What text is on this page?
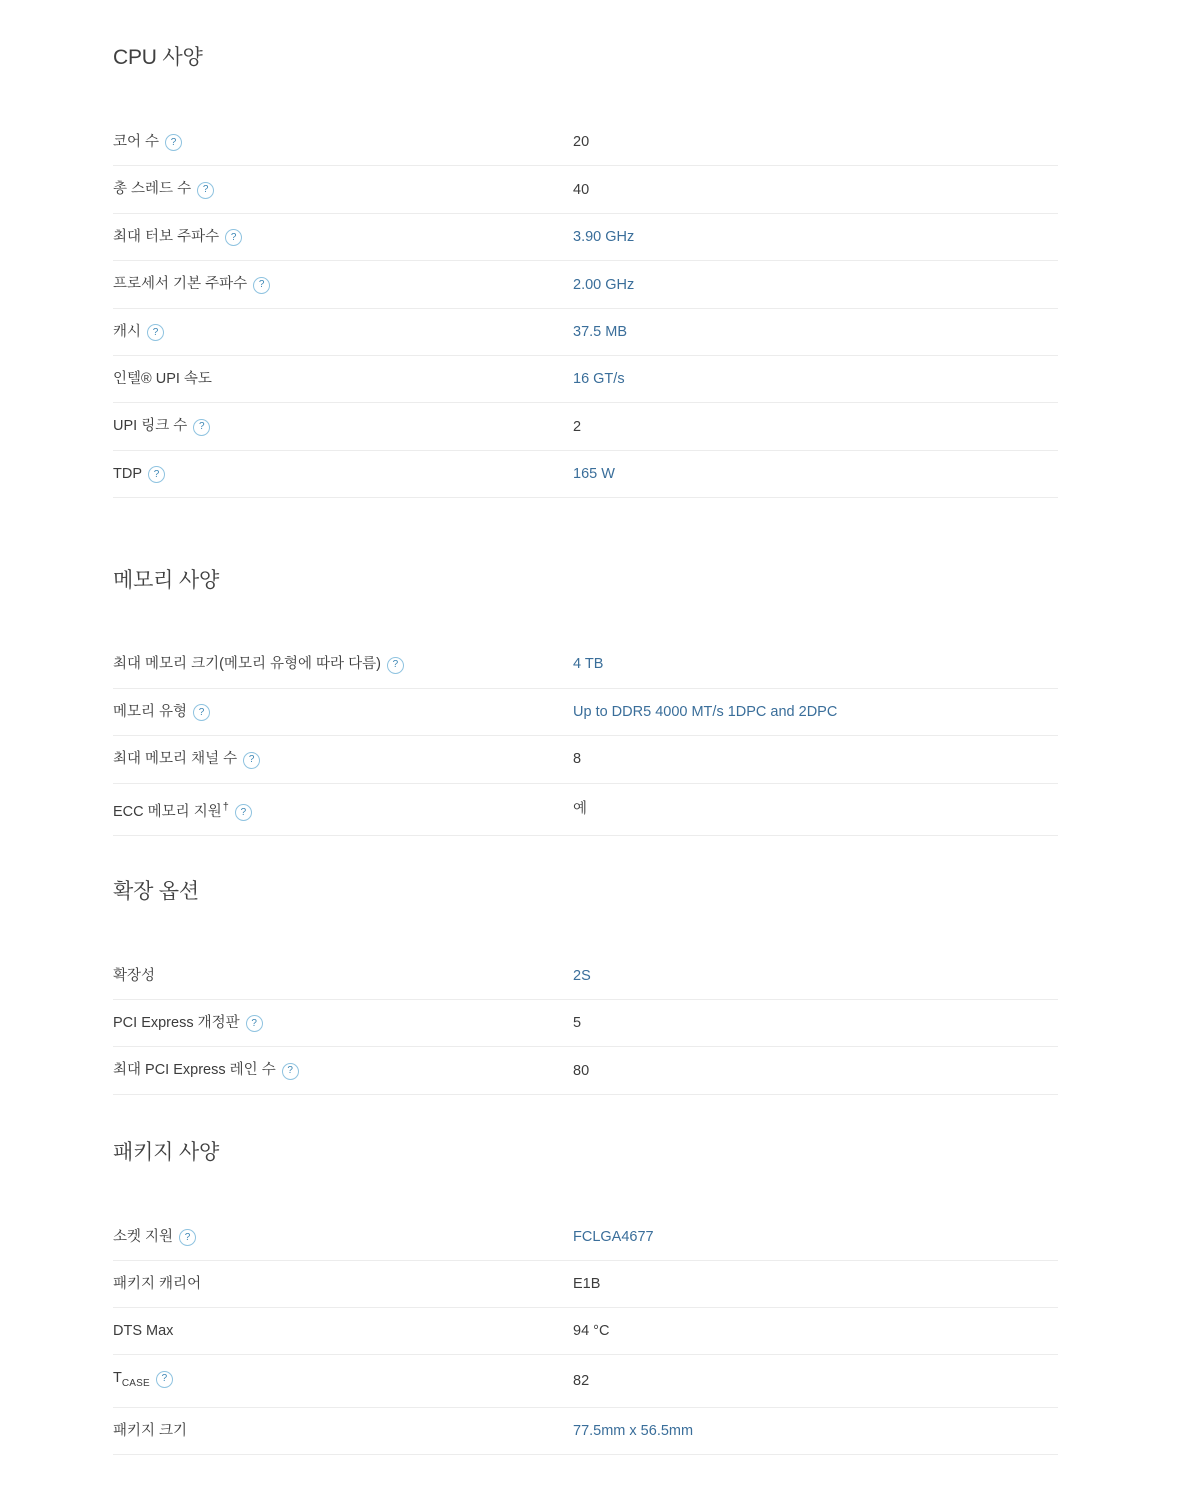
CPU 사양
코어 수 ?	20
총 스레드 수 ?	40
최대 터보 주파수 ?	3.90 GHz
프로세서 기본 주파수 ?	2.00 GHz
캐시 ?	37.5 MB
인텔® UPI 속도	16 GT/s
UPI 링크 수 ?	2
TDP ?	165 W
메모리 사양
최대 메모리 크기(메모리 유형에 따라 다름) ?	4 TB
메모리 유형 ?	Up to DDR5 4000 MT/s 1DPC and 2DPC
최대 메모리 채널 수 ?	8
ECC 메모리 지원† ?	예
확장 옵션
확장성	2S
PCI Express 개정판 ?	5
최대 PCI Express 레인 수 ?	80
패키지 사양
소켓 지원 ?	FCLGA4677
패키지 캐리어	E1B
DTS Max	94 °C
$T_{CASE}$ ?	82
패키지 크기	77.5mm x 56.5mm
